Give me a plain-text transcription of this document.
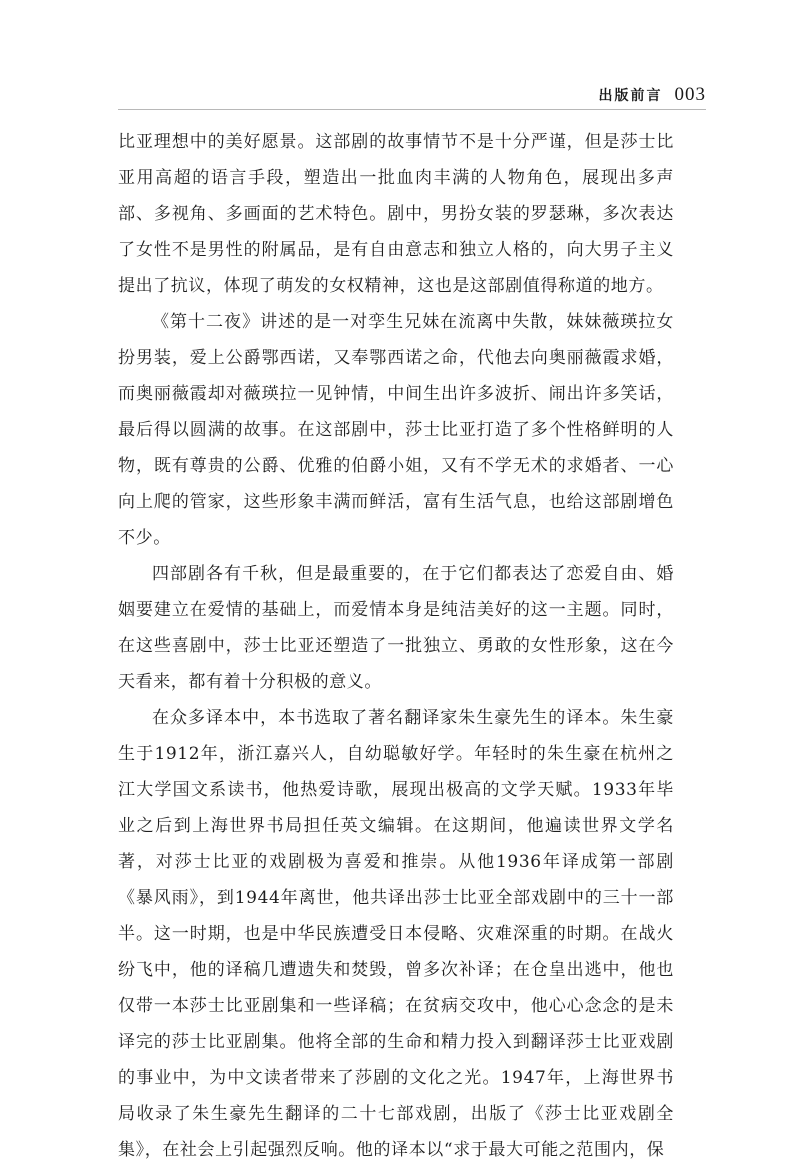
出版前言 003

比亚理想中的美好愿景。这部剧的故事情节不是十分严谨，但是莎士比亚用高超的语言手段，塑造出一批血肉丰满的人物角色，展现出多声部、多视角、多画面的艺术特色。剧中，男扮女装的罗瑟琳，多次表达了女性不是男性的附属品，是有自由意志和独立人格的，向大男子主义提出了抗议，体现了萌发的女权精神，这也是这部剧值得称道的地方。

《第十二夜》讲述的是一对孪生兄妹在流离中失散，妹妹薇瑛拉女扮男装，爱上公爵鄂西诺，又奉鄂西诺之命，代他去向奥丽薇霞求婚，而奥丽薇霞却对薇瑛拉一见钟情，中间生出许多波折、闹出许多笑话，最后得以圆满的故事。在这部剧中，莎士比亚打造了多个性格鲜明的人物，既有尊贵的公爵、优雅的伯爵小姐，又有不学无术的求婚者、一心向上爬的管家，这些形象丰满而鲜活，富有生活气息，也给这部剧增色不少。

四部剧各有千秋，但是最重要的，在于它们都表达了恋爱自由、婚姻要建立在爱情的基础上，而爱情本身是纯洁美好的这一主题。同时，在这些喜剧中，莎士比亚还塑造了一批独立、勇敢的女性形象，这在今天看来，都有着十分积极的意义。

在众多译本中，本书选取了著名翻译家朱生豪先生的译本。朱生豪生于1912年，浙江嘉兴人，自幼聪敏好学。年轻时的朱生豪在杭州之江大学国文系读书，他热爱诗歌，展现出极高的文学天赋。1933年毕业之后到上海世界书局担任英文编辑。在这期间，他遍读世界文学名著，对莎士比亚的戏剧极为喜爱和推崇。从他1936年译成第一部剧《暴风雨》，到1944年离世，他共译出莎士比亚全部戏剧中的三十一部半。这一时期，也是中华民族遭受日本侵略、灾难深重的时期。在战火纷飞中，他的译稿几遭遗失和焚毁，曾多次补译；在仓皇出逃中，他也仅带一本莎士比亚剧集和一些译稿；在贫病交攻中，他心心念念的是未译完的莎士比亚剧集。他将全部的生命和精力投入到翻译莎士比亚戏剧的事业中，为中文读者带来了莎剧的文化之光。1947年，上海世界书局收录了朱生豪先生翻译的二十七部戏剧，出版了《莎士比亚戏剧全集》，在社会上引起强烈反响。他的译本以“求于最大可能之范围内，保
